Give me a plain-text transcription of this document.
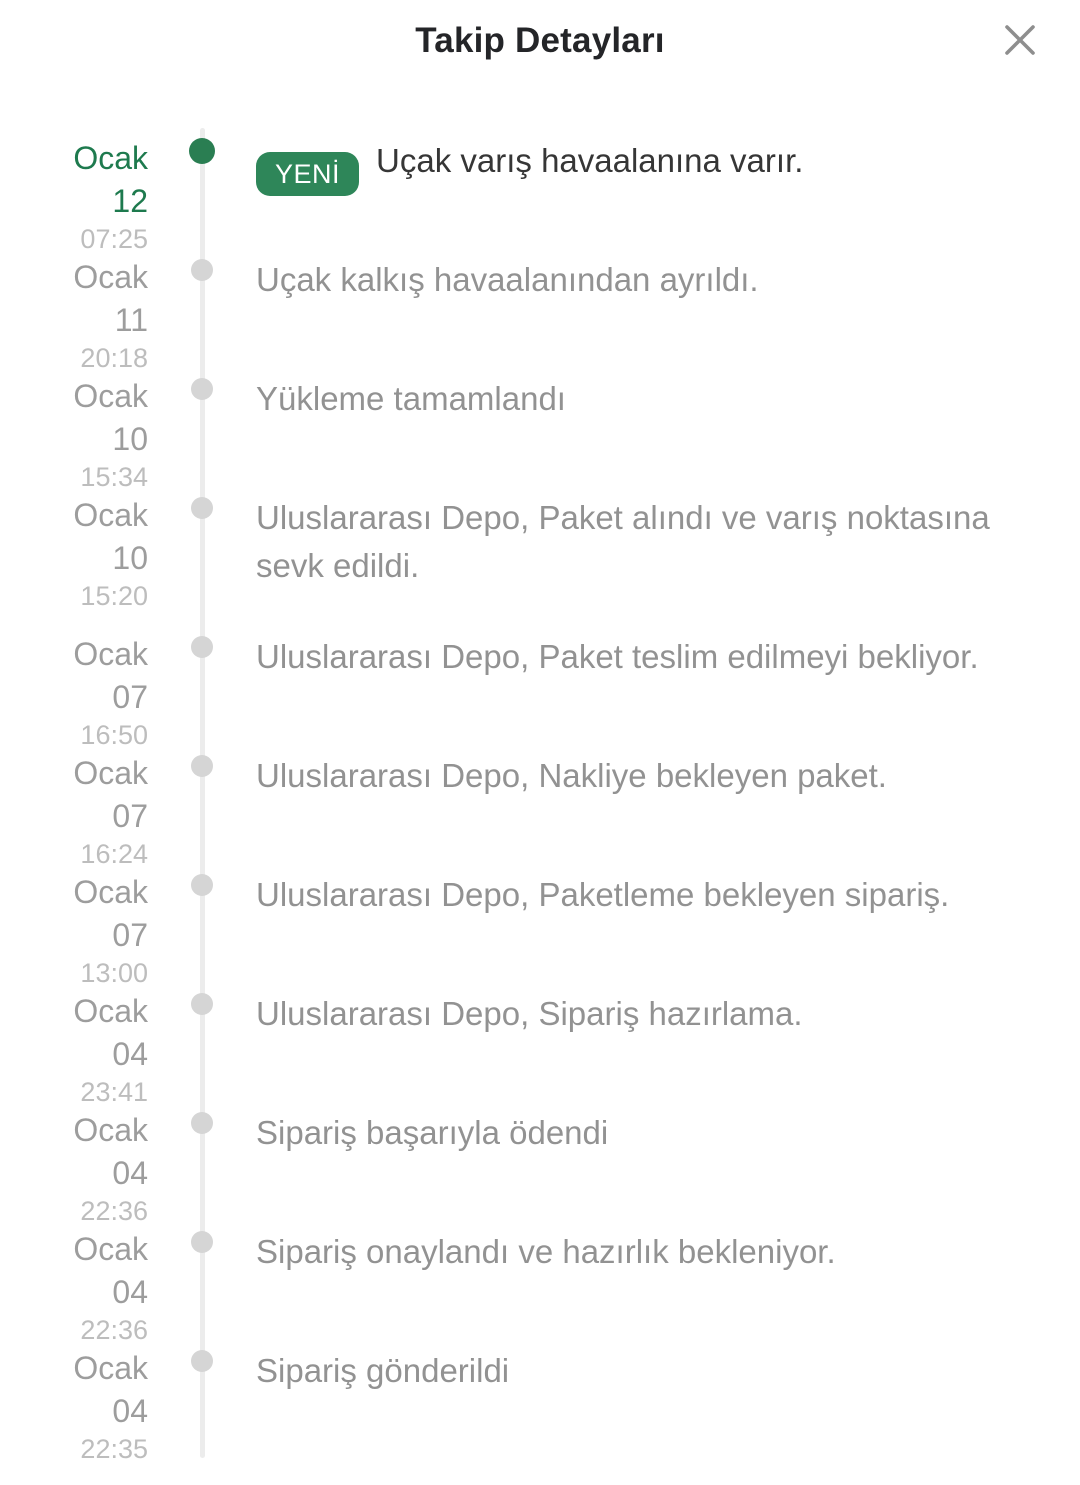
Takip Detayları
Ocak
12
07:25
YENİ Uçak varış havaalanına varır.
Ocak
11
20:18
Uçak kalkış havaalanından ayrıldı.
Ocak
10
15:34
Yükleme tamamlandı
Ocak
10
15:20
Uluslararası Depo, Paket alındı ve varış noktasına sevk edildi.
Ocak
07
16:50
Uluslararası Depo, Paket teslim edilmeyi bekliyor.
Ocak
07
16:24
Uluslararası Depo, Nakliye bekleyen paket.
Ocak
07
13:00
Uluslararası Depo, Paketleme bekleyen sipariş.
Ocak
04
23:41
Uluslararası Depo, Sipariş hazırlama.
Ocak
04
22:36
Sipariş başarıyla ödendi
Ocak
04
22:36
Sipariş onaylandı ve hazırlık bekleniyor.
Ocak
04
22:35
Sipariş gönderildi
